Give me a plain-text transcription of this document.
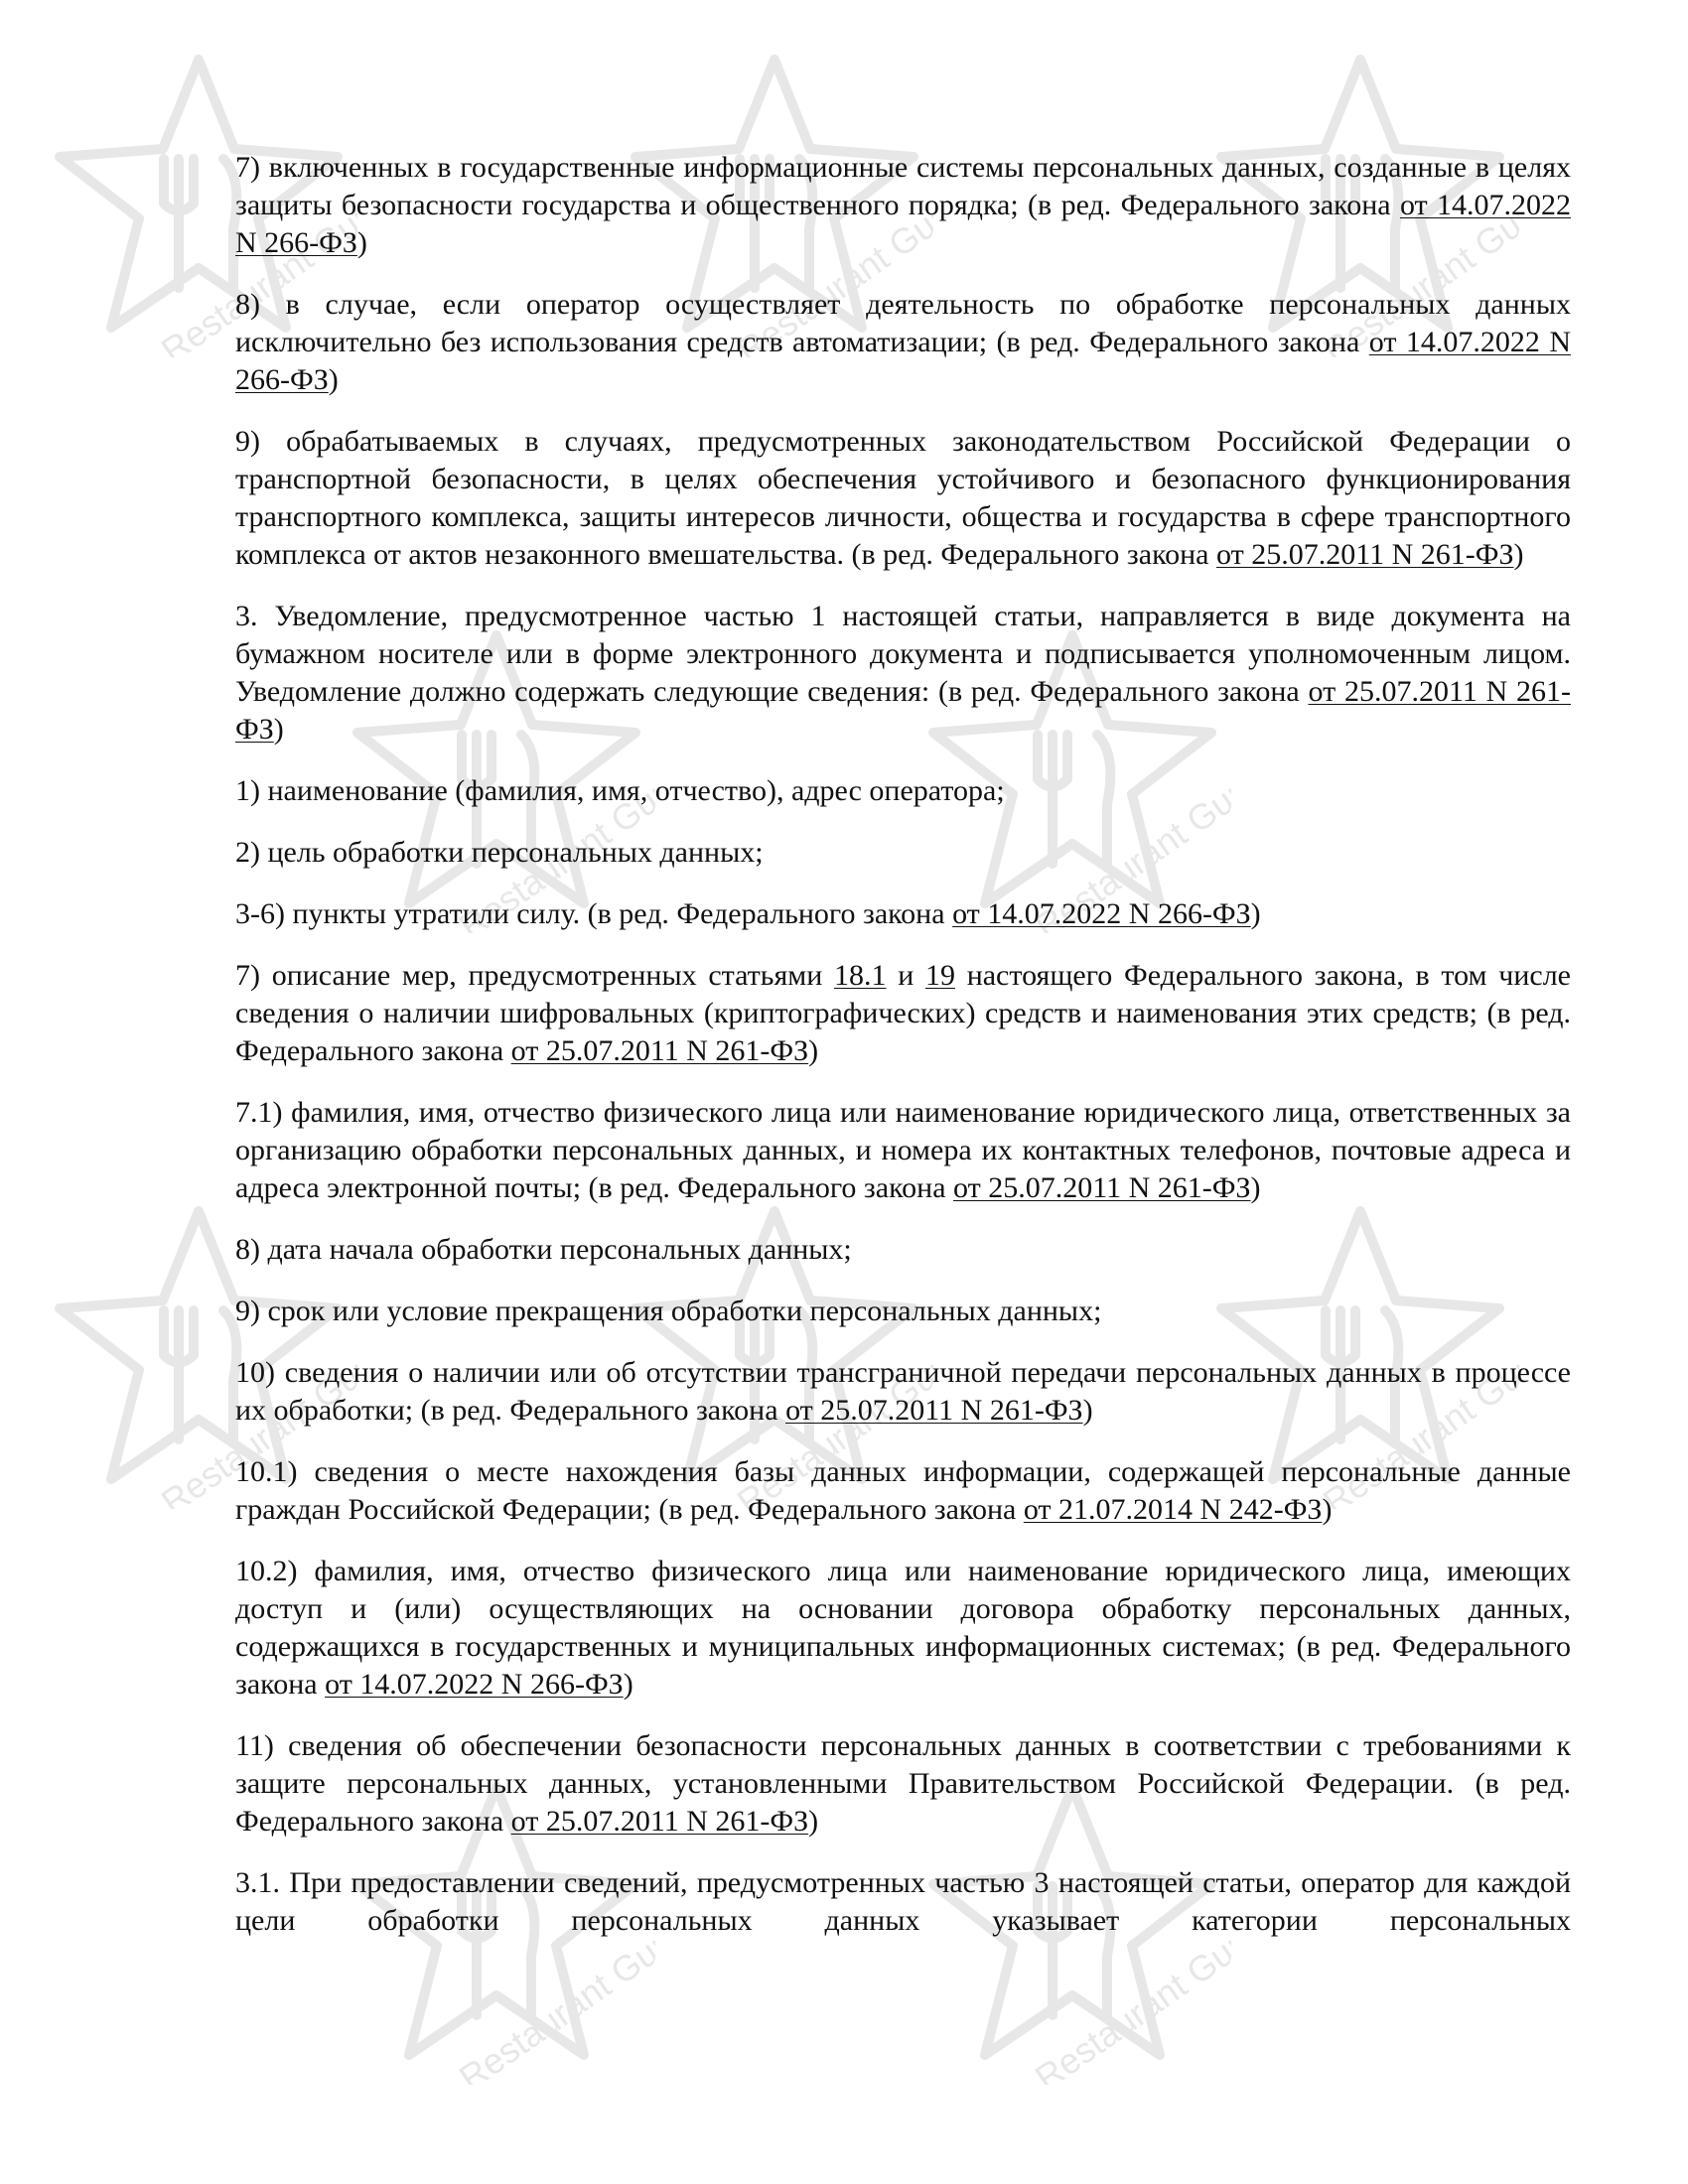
Restaurant Guru
Restaurant Guru
Restaurant Guru
Restaurant Guru
Restaurant Guru
Restaurant Guru
Restaurant Guru
Restaurant Guru
Restaurant Guru
Restaurant Guru

7) включенных в государственные информационные системы персональных данных, созданные в целях защиты безопасности государства и общественного порядка; (в ред. Федерального закона от 14.07.2022 N 266-ФЗ)

8) в случае, если оператор осуществляет деятельность по обработке персональных данных исключительно без использования средств автоматизации; (в ред. Федерального закона от 14.07.2022 N 266-ФЗ)

9) обрабатываемых в случаях, предусмотренных законодательством Российской Федерации о транспортной безопасности, в целях обеспечения устойчивого и безопасного функционирования транспортного комплекса, защиты интересов личности, общества и государства в сфере транспортного комплекса от актов незаконного вмешательства. (в ред. Федерального закона от 25.07.2011 N 261-ФЗ)

3. Уведомление, предусмотренное частью 1 настоящей статьи, направляется в виде документа на бумажном носителе или в форме электронного документа и подписывается уполномоченным лицом. Уведомление должно содержать следующие сведения: (в ред. Федерального закона от 25.07.2011 N 261-ФЗ)

1) наименование (фамилия, имя, отчество), адрес оператора;

2) цель обработки персональных данных;

3-6) пункты утратили силу. (в ред. Федерального закона от 14.07.2022 N 266-ФЗ)

7) описание мер, предусмотренных статьями 18.1 и 19 настоящего Федерального закона, в том числе сведения о наличии шифровальных (криптографических) средств и наименования этих средств; (в ред. Федерального закона от 25.07.2011 N 261-ФЗ)

7.1) фамилия, имя, отчество физического лица или наименование юридического лица, ответственных за организацию обработки персональных данных, и номера их контактных телефонов, почтовые адреса и адреса электронной почты; (в ред. Федерального закона от 25.07.2011 N 261-ФЗ)

8) дата начала обработки персональных данных;

9) срок или условие прекращения обработки персональных данных;

10) сведения о наличии или об отсутствии трансграничной передачи персональных данных в процессе их обработки; (в ред. Федерального закона от 25.07.2011 N 261-ФЗ)

10.1) сведения о месте нахождения базы данных информации, содержащей персональные данные граждан Российской Федерации; (в ред. Федерального закона от 21.07.2014 N 242-ФЗ)

10.2) фамилия, имя, отчество физического лица или наименование юридического лица, имеющих доступ и (или) осуществляющих на основании договора обработку персональных данных, содержащихся в государственных и муниципальных информационных системах; (в ред. Федерального закона от 14.07.2022 N 266-ФЗ)

11) сведения об обеспечении безопасности персональных данных в соответствии с требованиями к защите персональных данных, установленными Правительством Российской Федерации. (в ред. Федерального закона от 25.07.2011 N 261-ФЗ)

3.1. При предоставлении сведений, предусмотренных частью 3 настоящей статьи, оператор для каждой цели обработки персональных данных указывает категории персональных
